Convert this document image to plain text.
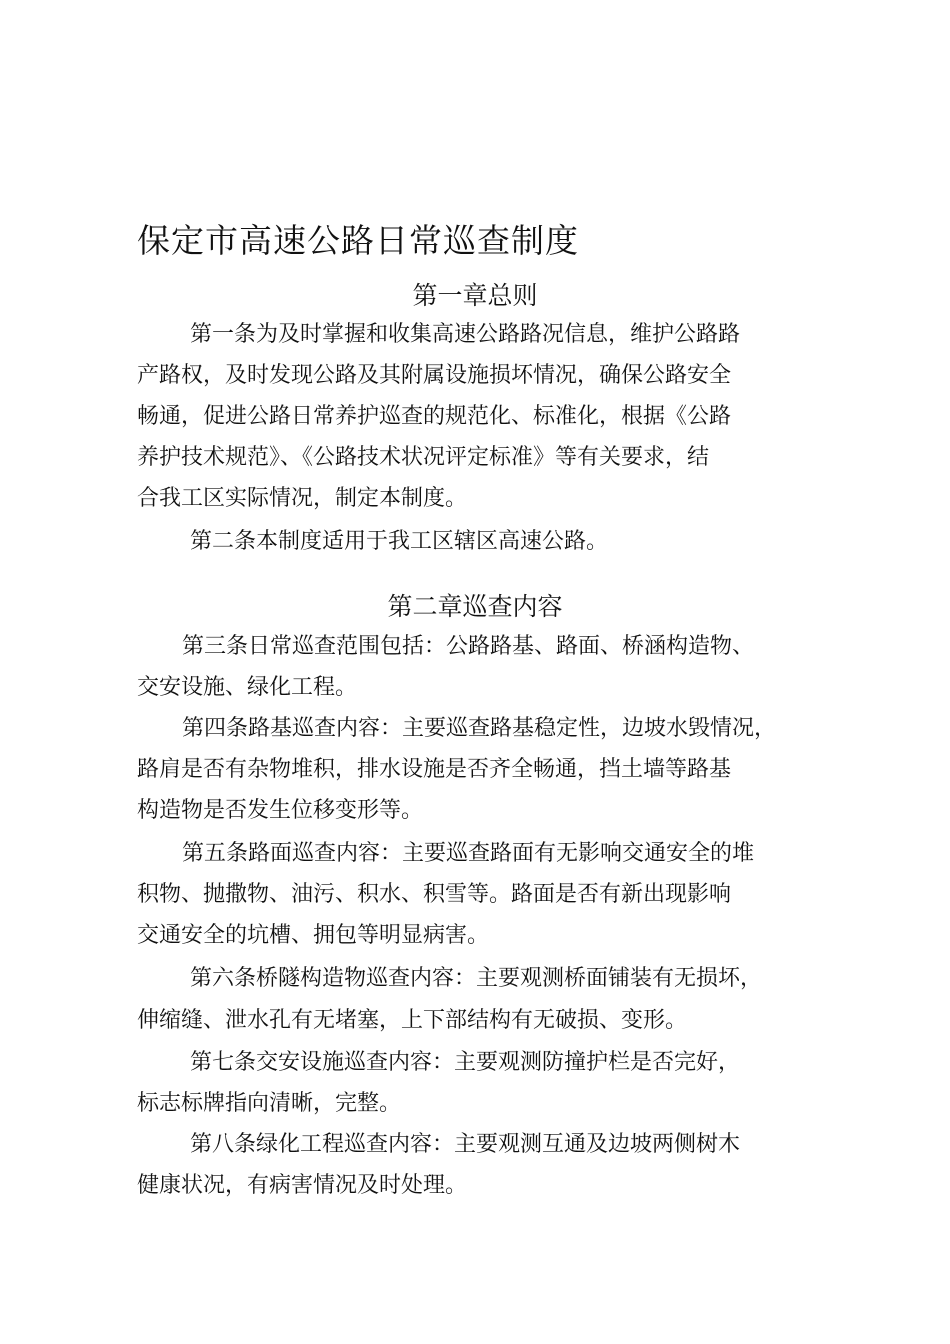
保定市高速公路日常巡查制度
第一章总则

第一条为及时掌握和收集高速公路路况信息，维护公路路

产路权，及时发现公路及其附属设施损坏情况，确保公路安全

畅通，促进公路日常养护巡查的规范化、标准化，根据《公路

养护技术规范》、《公路技术状况评定标准》等有关要求，结

合我工区实际情况，制定本制度。

第二条本制度适用于我工区辖区高速公路。

第二章巡查内容

第三条日常巡查范围包括：公路路基、路面、桥涵构造物、

交安设施、绿化工程。

第四条路基巡查内容：主要巡查路基稳定性，边坡水毁情况，

路肩是否有杂物堆积，排水设施是否齐全畅通，挡土墙等路基

构造物是否发生位移变形等。

第五条路面巡查内容：主要巡查路面有无影响交通安全的堆

积物、抛撒物、油污、积水、积雪等。路面是否有新出现影响

交通安全的坑槽、拥包等明显病害。

第六条桥隧构造物巡查内容：主要观测桥面铺装有无损坏，

伸缩缝、泄水孔有无堵塞，上下部结构有无破损、变形。

第七条交安设施巡查内容：主要观测防撞护栏是否完好，

标志标牌指向清晰，完整。

第八条绿化工程巡查内容：主要观测互通及边坡两侧树木

健康状况，有病害情况及时处理。
